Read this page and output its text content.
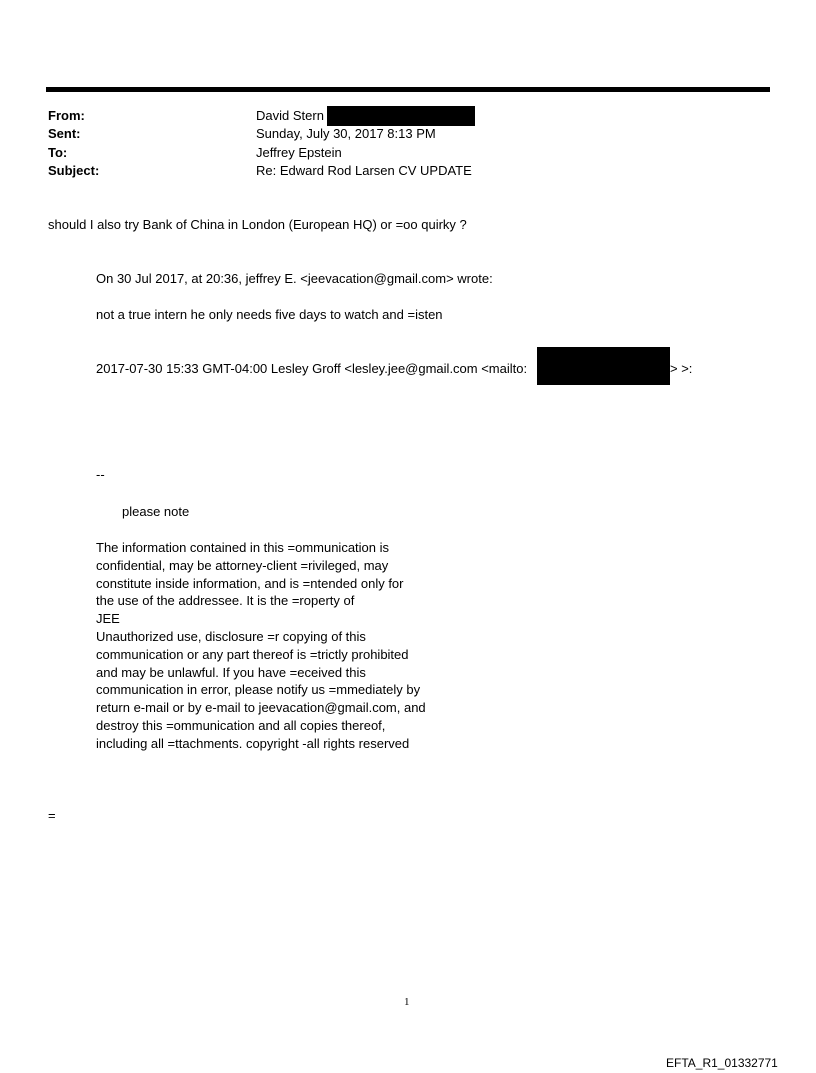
From:	David Stern
Sent:	Sunday, July 30, 2017 8:13 PM
To:	Jeffrey Epstein
Subject:	Re: Edward Rod Larsen CV UPDATE
should I also try Bank of China in London (European HQ) or =oo quirky ?
On 30 Jul 2017, at 20:36, jeffrey E. <jeevacation@gmail.com> wrote:
not a true intern he only needs five days to watch and =isten
2017-07-30 15:33 GMT-04:00 Lesley Groff <lesley.jee@gmail.com <mailto:	> >:
--
please note
The information contained in this =ommunication is
confidential, may be attorney-client =rivileged, may
constitute inside information, and is =ntended only for
the use of the addressee. It is the =roperty of
JEE
Unauthorized use, disclosure =r copying of this
communication or any part thereof is =trictly prohibited
and may be unlawful. If you have =eceived this
communication in error, please notify us =mmediately by
return e-mail or by e-mail to jeevacation@gmail.com, and
destroy this =ommunication and all copies thereof,
including all =ttachments. copyright -all rights reserved
=
1
EFTA_R1_01332771
